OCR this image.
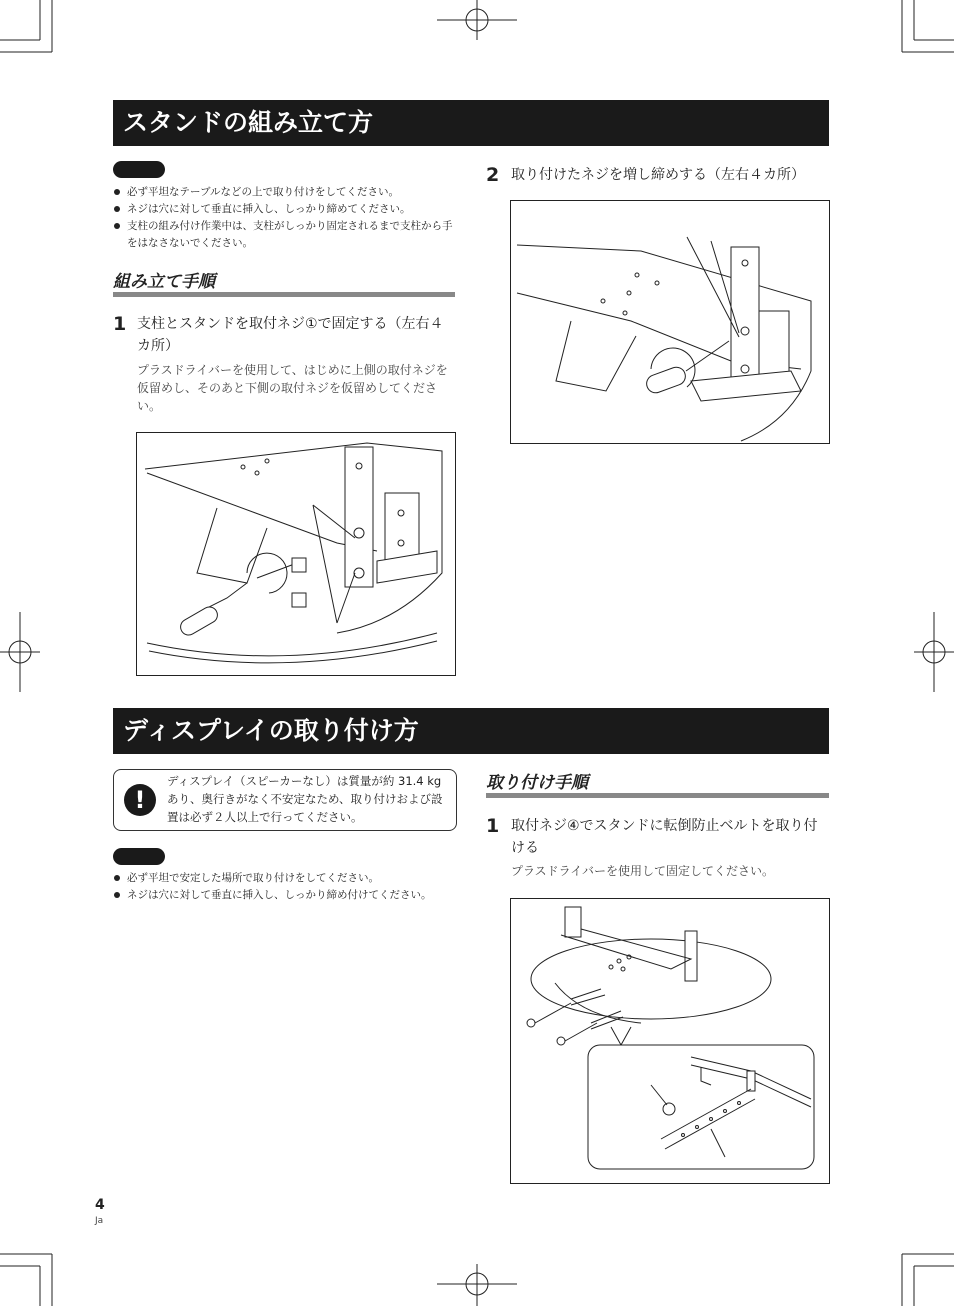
スタンドの組み立て方
必ず平坦なテーブルなどの上で取り付けをしてください。
ネジは穴に対して垂直に挿入し、しっかり締めてください。
支柱の組み付け作業中は、支柱がしっかり固定されるまで支柱から手をはなさないでください。
組み立て手順
1 支柱とスタンドを取付ネジ①で固定する（左右４カ所）
プラスドライバーを使用して、はじめに上側の取付ネジを仮留めし、そのあと下側の取付ネジを仮留めしてください。
2 取り付けたネジを増し締めする（左右４カ所）
ディスプレイの取り付け方
!
ディスプレイ（スピーカーなし）は質量が約 31.4 kg あり、奥行きがなく不安定なため、取り付けおよび設置は必ず２人以上で行ってください。
必ず平坦で安定した場所で取り付けをしてください。
ネジは穴に対して垂直に挿入し、しっかり締め付けてください。
取り付け手順
1 取付ネジ④でスタンドに転倒防止ベルトを取り付ける
プラスドライバーを使用して固定してください。
4
Ja
